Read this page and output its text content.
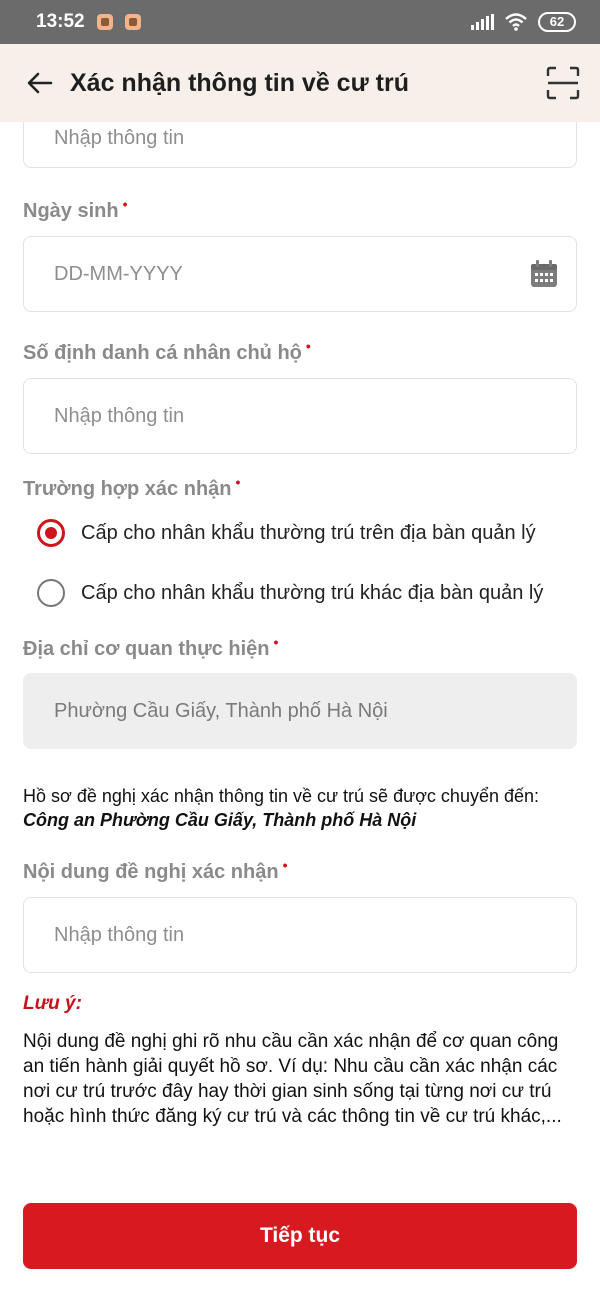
13:52	62
Xác nhận thông tin về cư trú
Nhập thông tin
Ngày sinh •
DD-MM-YYYY
Số định danh cá nhân chủ hộ •
Nhập thông tin
Trường hợp xác nhận •
Cấp cho nhân khẩu thường trú trên địa bàn quản lý
Cấp cho nhân khẩu thường trú khác địa bàn quản lý
Địa chỉ cơ quan thực hiện •
Phường Cầu Giấy, Thành phố Hà Nội
Hồ sơ đề nghị xác nhận thông tin về cư trú sẽ được chuyển đến: Công an Phường Cầu Giấy, Thành phố Hà Nội
Nội dung đề nghị xác nhận •
Nhập thông tin
Lưu ý:
Nội dung đề nghị ghi rõ nhu cầu cần xác nhận để cơ quan công an tiến hành giải quyết hồ sơ. Ví dụ: Nhu cầu cần xác nhận các nơi cư trú trước đây hay thời gian sinh sống tại từng nơi cư trú hoặc hình thức đăng ký cư trú và các thông tin về cư trú khác,...
Tiếp tục
